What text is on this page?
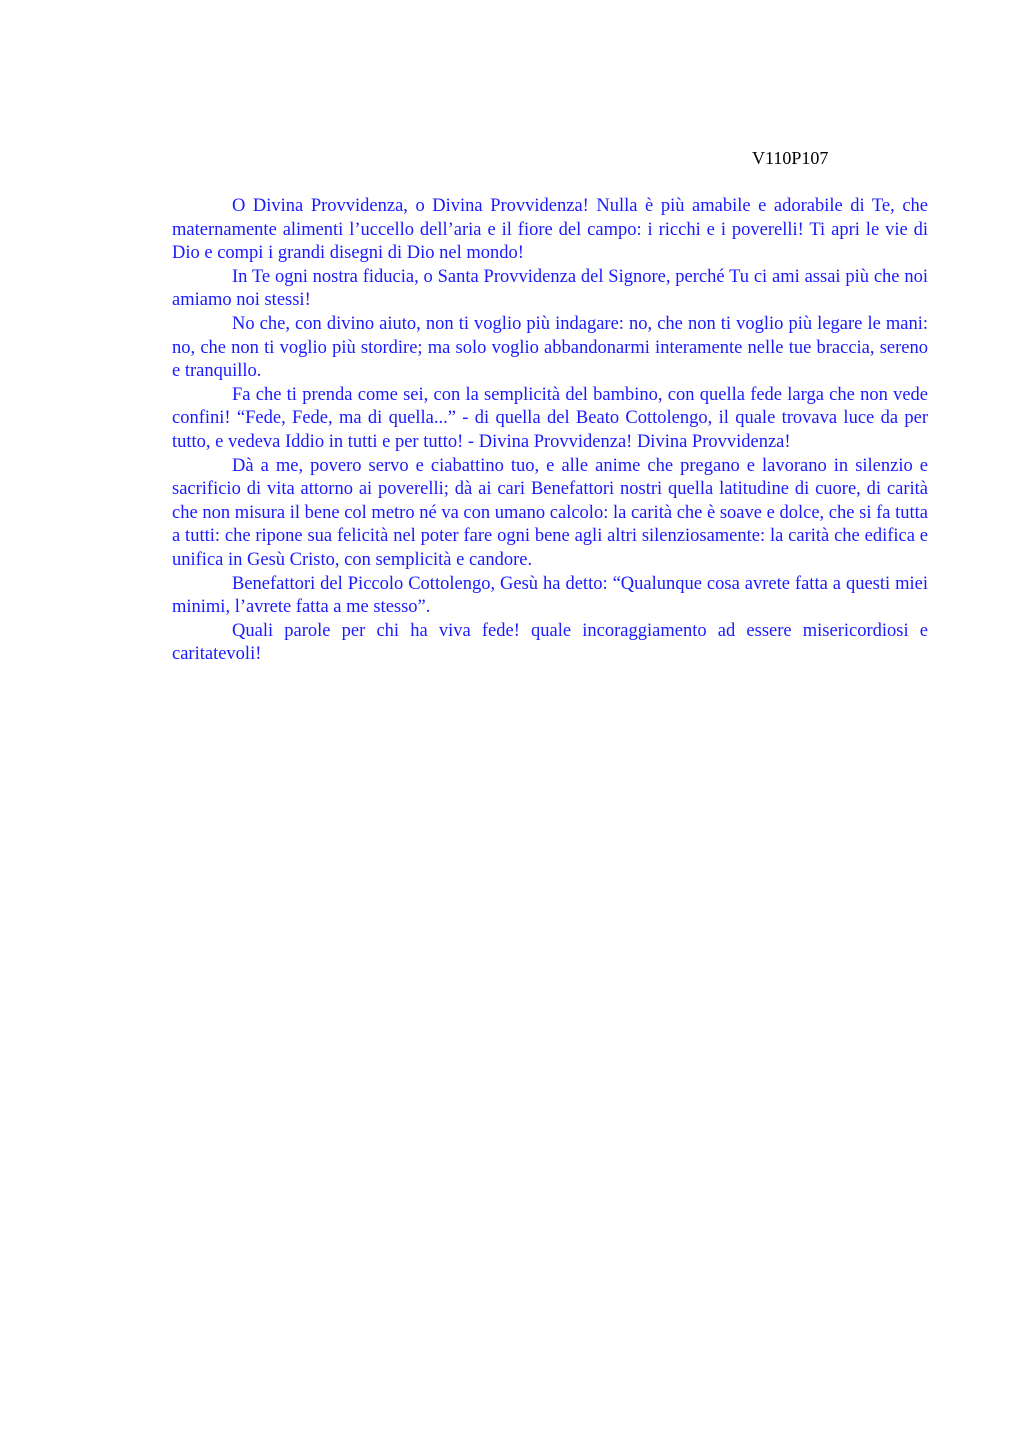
V110P107

O Divina Provvidenza, o Divina Provvidenza! Nulla è più amabile e adorabile di Te, che maternamente alimenti l’uccello dell’aria e il fiore del campo: i ricchi e i poverelli! Ti apri le vie di Dio e compi i grandi disegni di Dio nel mondo!

In Te ogni nostra fiducia, o Santa Provvidenza del Signore, perché Tu ci ami assai più che noi amiamo noi stessi!

No che, con divino aiuto, non ti voglio più indagare: no, che non ti voglio più legare le mani: no, che non ti voglio più stordire; ma solo voglio abbandonarmi interamente nelle tue braccia, sereno e tranquillo.

Fa che ti prenda come sei, con la semplicità del bambino, con quella fede larga che non vede confini! “Fede, Fede, ma di quella...” - di quella del Beato Cottolengo, il quale trovava luce da per tutto, e vedeva Iddio in tutti e per tutto! - Divina Provvidenza! Divina Provvidenza!

Dà a me, povero servo e ciabattino tuo, e alle anime che pregano e lavorano in silenzio e sacrificio di vita attorno ai poverelli; dà ai cari Benefattori nostri quella latitudine di cuore, di carità che non misura il bene col metro né va con umano calcolo: la carità che è soave e dolce, che si fa tutta a tutti: che ripone sua felicità nel poter fare ogni bene agli altri silenziosamente: la carità che edifica e unifica in Gesù Cristo, con semplicità e candore.

Benefattori del Piccolo Cottolengo, Gesù ha detto: “Qualunque cosa avrete fatta a questi miei minimi, l’avrete fatta a me stesso”.

Quali parole per chi ha viva fede! quale incoraggiamento ad essere misericordiosi e caritatevoli!
